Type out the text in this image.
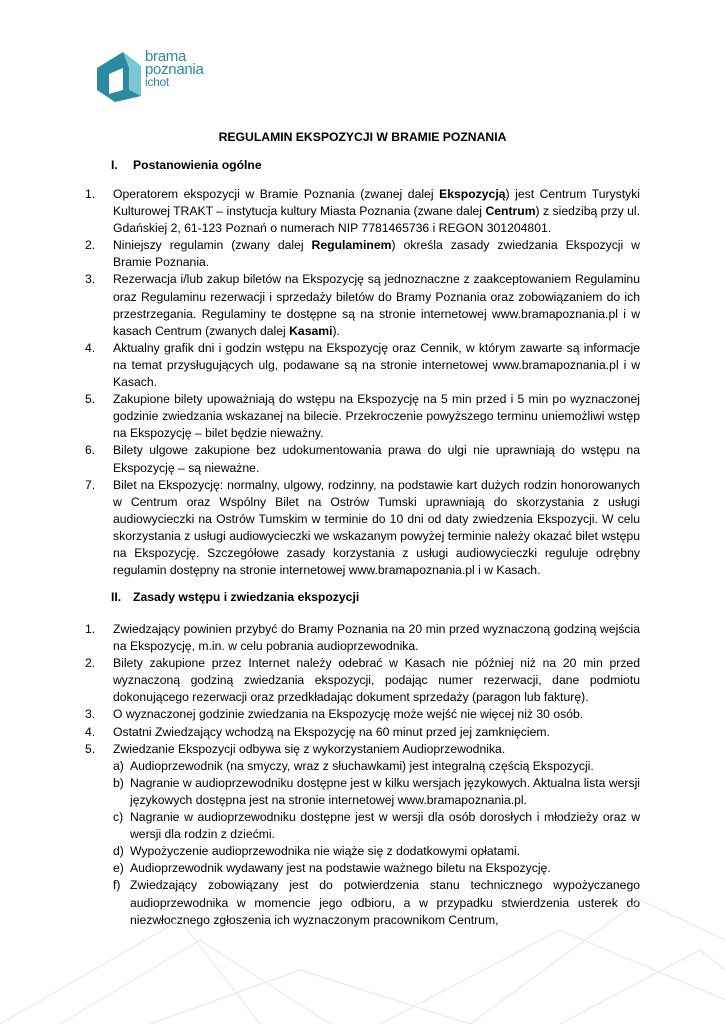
brama
poznania
ichot
REGULAMIN EKSPOZYCJI W BRAMIE POZNANIA
I. Postanowienia ogólne
1. Operatorem ekspozycji w Bramie Poznania (zwanej dalej Ekspozycją) jest Centrum Turystyki Kulturowej TRAKT – instytucja kultury Miasta Poznania (zwane dalej Centrum) z siedzibą przy ul. Gdańskiej 2, 61-123 Poznań o numerach NIP 7781465736 i REGON 301204801.
2. Niniejszy regulamin (zwany dalej Regulaminem) określa zasady zwiedzania Ekspozycji w Bramie Poznania.
3. Rezerwacja i/lub zakup biletów na Ekspozycję są jednoznaczne z zaakceptowaniem Regulaminu oraz Regulaminu rezerwacji i sprzedaży biletów do Bramy Poznania oraz zobowiązaniem do ich przestrzegania. Regulaminy te dostępne są na stronie internetowej www.bramapoznania.pl i w kasach Centrum (zwanych dalej Kasami).
4. Aktualny grafik dni i godzin wstępu na Ekspozycję oraz Cennik, w którym zawarte są informacje na temat przysługujących ulg, podawane są na stronie internetowej www.bramapoznania.pl i w Kasach.
5. Zakupione bilety upoważniają do wstępu na Ekspozycję na 5 min przed i 5 min po wyznaczonej godzinie zwiedzania wskazanej na bilecie. Przekroczenie powyższego terminu uniemożliwi wstęp na Ekspozycję – bilet będzie nieważny.
6. Bilety ulgowe zakupione bez udokumentowania prawa do ulgi nie uprawniają do wstępu na Ekspozycję – są nieważne.
7. Bilet na Ekspozycję: normalny, ulgowy, rodzinny, na podstawie kart dużych rodzin honorowanych w Centrum oraz Wspólny Bilet na Ostrów Tumski uprawniają do skorzystania z usługi audiowycieczki na Ostrów Tumskim w terminie do 10 dni od daty zwiedzenia Ekspozycji. W celu skorzystania z usługi audiowycieczki we wskazanym powyżej terminie należy okazać bilet wstępu na Ekspozycję. Szczegółowe zasady korzystania z usługi audiowycieczki reguluje odrębny regulamin dostępny na stronie internetowej www.bramapoznania.pl i w Kasach.
II. Zasady wstępu i zwiedzania ekspozycji
1. Zwiedzający powinien przybyć do Bramy Poznania na 20 min przed wyznaczoną godziną wejścia na Ekspozycję, m.in. w celu pobrania audioprzewodnika.
2. Bilety zakupione przez Internet należy odebrać w Kasach nie później niż na 20 min przed wyznaczoną godziną zwiedzania ekspozycji, podając numer rezerwacji, dane podmiotu dokonującego rezerwacji oraz przedkładając dokument sprzedaży (paragon lub fakturę).
3. O wyznaczonej godzinie zwiedzania na Ekspozycję może wejść nie więcej niż 30 osób.
4. Ostatni Zwiedzający wchodzą na Ekspozycję na 60 minut przed jej zamknięciem.
5. Zwiedzanie Ekspozycji odbywa się z wykorzystaniem Audioprzewodnika.
a) Audioprzewodnik (na smyczy, wraz z słuchawkami) jest integralną częścią Ekspozycji.
b) Nagranie w audioprzewodniku dostępne jest w kilku wersjach językowych. Aktualna lista wersji językowych dostępna jest na stronie internetowej www.bramapoznania.pl.
c) Nagranie w audioprzewodniku dostępne jest w wersji dla osób dorosłych i młodzieży oraz w wersji dla rodzin z dziećmi.
d) Wypożyczenie audioprzewodnika nie wiąże się z dodatkowymi opłatami.
e) Audioprzewodnik wydawany jest na podstawie ważnego biletu na Ekspozycję.
f) Zwiedzający zobowiązany jest do potwierdzenia stanu technicznego wypożyczanego audioprzewodnika w momencie jego odbioru, a w przypadku stwierdzenia usterek do niezwłocznego zgłoszenia ich wyznaczonym pracownikom Centrum,
